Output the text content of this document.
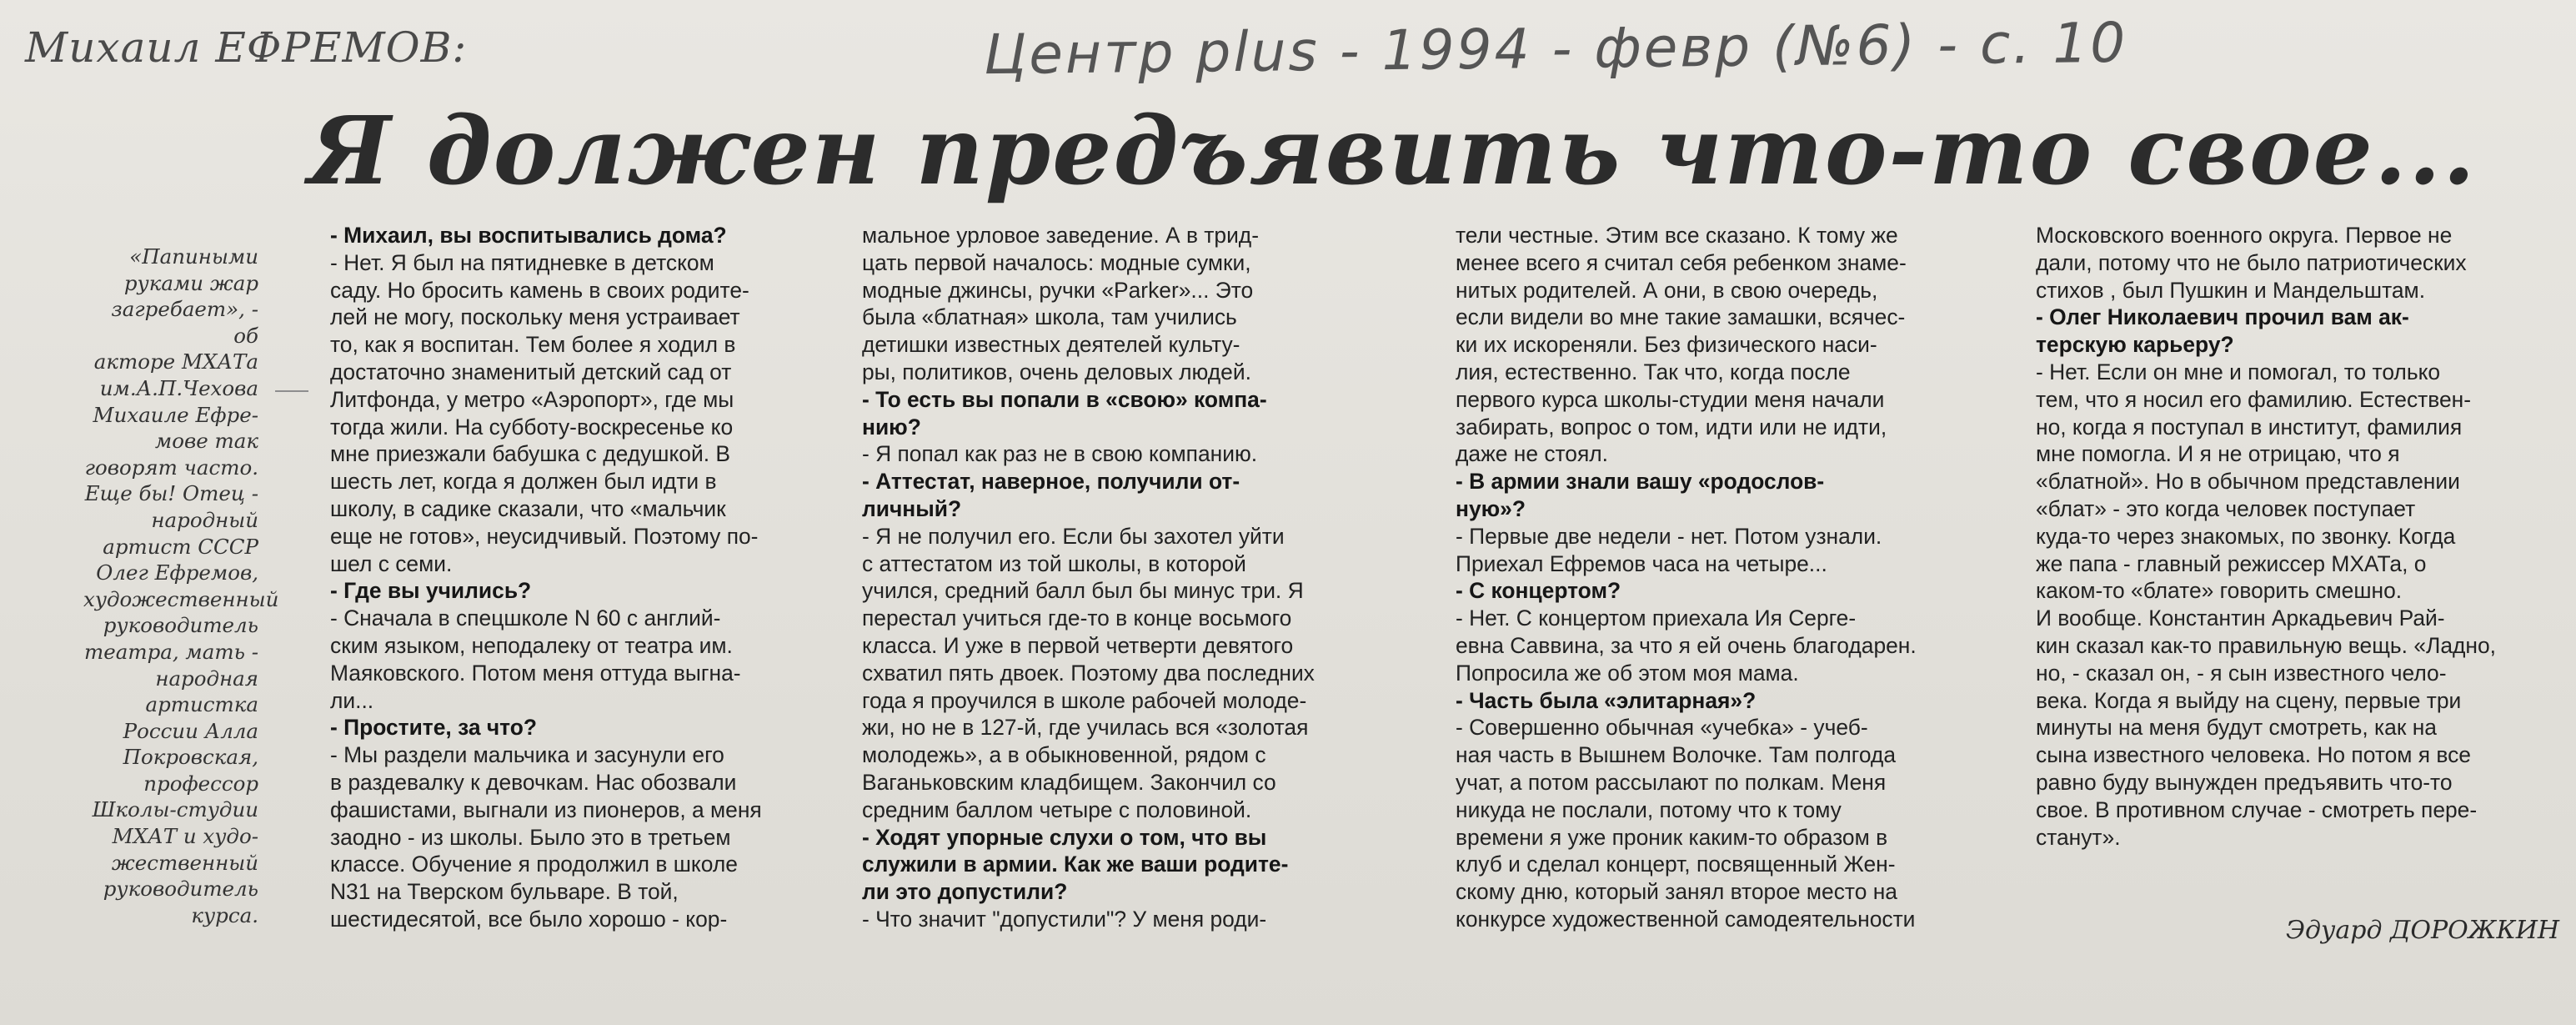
Михаил ЕФРЕМОВ:	Центр plus - 1994 - февр (№6) - с. 10
Я должен предъявить что-то свое...
«Папиными
руками жар
загребает», - об
акторе МХАТа
им.А.П.Чехова
Михаиле Ефре-
мове так
говорят часто.
Еще бы! Отец -
народный
артист СССР
Олег Ефремов,
художественный
руководитель
театра, мать -
народная
артистка
России Алла
Покровская,
профессор
Школы-студии
МХАТ и худо-
жественный
руководитель
курса.
- Михаил, вы воспитывались дома?
- Нет. Я был на пятидневке в детском
саду. Но бросить камень в своих родите-
лей не могу, поскольку меня устраивает
то, как я воспитан. Тем более я ходил в
достаточно знаменитый детский сад от
Литфонда, у метро «Аэропорт», где мы
тогда жили. На субботу-воскресенье ко
мне приезжали бабушка с дедушкой. В
шесть лет, когда я должен был идти в
школу, в садике сказали, что «мальчик
еще не готов», неусидчивый. Поэтому по-
шел с семи.
- Где вы учились?
- Сначала в спецшколе N 60 с англий-
ским языком, неподалеку от театра им.
Маяковского. Потом меня оттуда выгна-
ли...
- Простите, за что?
- Мы раздели мальчика и засунули его
в раздевалку к девочкам. Нас обозвали
фашистами, выгнали из пионеров, а меня
заодно - из школы. Было это в третьем
классе. Обучение я продолжил в школе
N31 на Тверском бульваре. В той,
шестидесятой, все было хорошо - кор-
мальное урловое заведение. А в трид-
цать первой началось: модные сумки,
модные джинсы, ручки «Parker»... Это
была «блатная» школа, там учились
детишки известных деятелей культу-
ры, политиков, очень деловых людей.
- То есть вы попали в «свою» компа-
нию?
- Я попал как раз не в свою компанию.
- Аттестат, наверное, получили от-
личный?
- Я не получил его. Если бы захотел уйти
с аттестатом из той школы, в которой
учился, средний балл был бы минус три. Я
перестал учиться где-то в конце восьмого
класса. И уже в первой четверти девятого
схватил пять двоек. Поэтому два последних
года я проучился в школе рабочей молоде-
жи, но не в 127-й, где училась вся «золотая
молодежь», а в обыкновенной, рядом с
Ваганьковским кладбищем. Закончил со
средним баллом четыре с половиной.
- Ходят упорные слухи о том, что вы
служили в армии. Как же ваши родите-
ли это допустили?
- Что значит "допустили"? У меня роди-
тели честные. Этим все сказано. К тому же
менее всего я считал себя ребенком знаме-
нитых родителей. А они, в свою очередь,
если видели во мне такие замашки, всячес-
ки их искореняли. Без физического наси-
лия, естественно. Так что, когда после
первого курса школы-студии меня начали
забирать, вопрос о том, идти или не идти,
даже не стоял.
- В армии знали вашу «родослов-
ную»?
- Первые две недели - нет. Потом узнали.
Приехал Ефремов часа на четыре...
- С концертом?
- Нет. С концертом приехала Ия Серге-
евна Саввина, за что я ей очень благодарен.
Попросила же об этом моя мама.
- Часть была «элитарная»?
- Совершенно обычная «учебка» - учеб-
ная часть в Вышнем Волочке. Там полгода
учат, а потом рассылают по полкам. Меня
никуда не послали, потому что к тому
времени я уже проник каким-то образом в
клуб и сделал концерт, посвященный Жен-
скому дню, который занял второе место на
конкурсе художественной самодеятельности
Московского военного округа. Первое не
дали, потому что не было патриотических
стихов , был Пушкин и Мандельштам.
- Олег Николаевич прочил вам ак-
терскую карьеру?
- Нет. Если он мне и помогал, то только
тем, что я носил его фамилию. Естествен-
но, когда я поступал в институт, фамилия
мне помогла. И я не отрицаю, что я
«блатной». Но в обычном представлении
«блат» - это когда человек поступает
куда-то через знакомых, по звонку. Когда
же папа - главный режиссер МХАТа, о
каком-то «блате» говорить смешно.
И вообще. Константин Аркадьевич Рай-
кин сказал как-то правильную вещь. «Ладно,
но, - сказал он, - я сын известного чело-
века. Когда я выйду на сцену, первые три
минуты на меня будут смотреть, как на
сына известного человека. Но потом я все
равно буду вынужден предъявить что-то
свое. В противном случае - смотреть пере-
станут».
Эдуард ДОРОЖКИН
